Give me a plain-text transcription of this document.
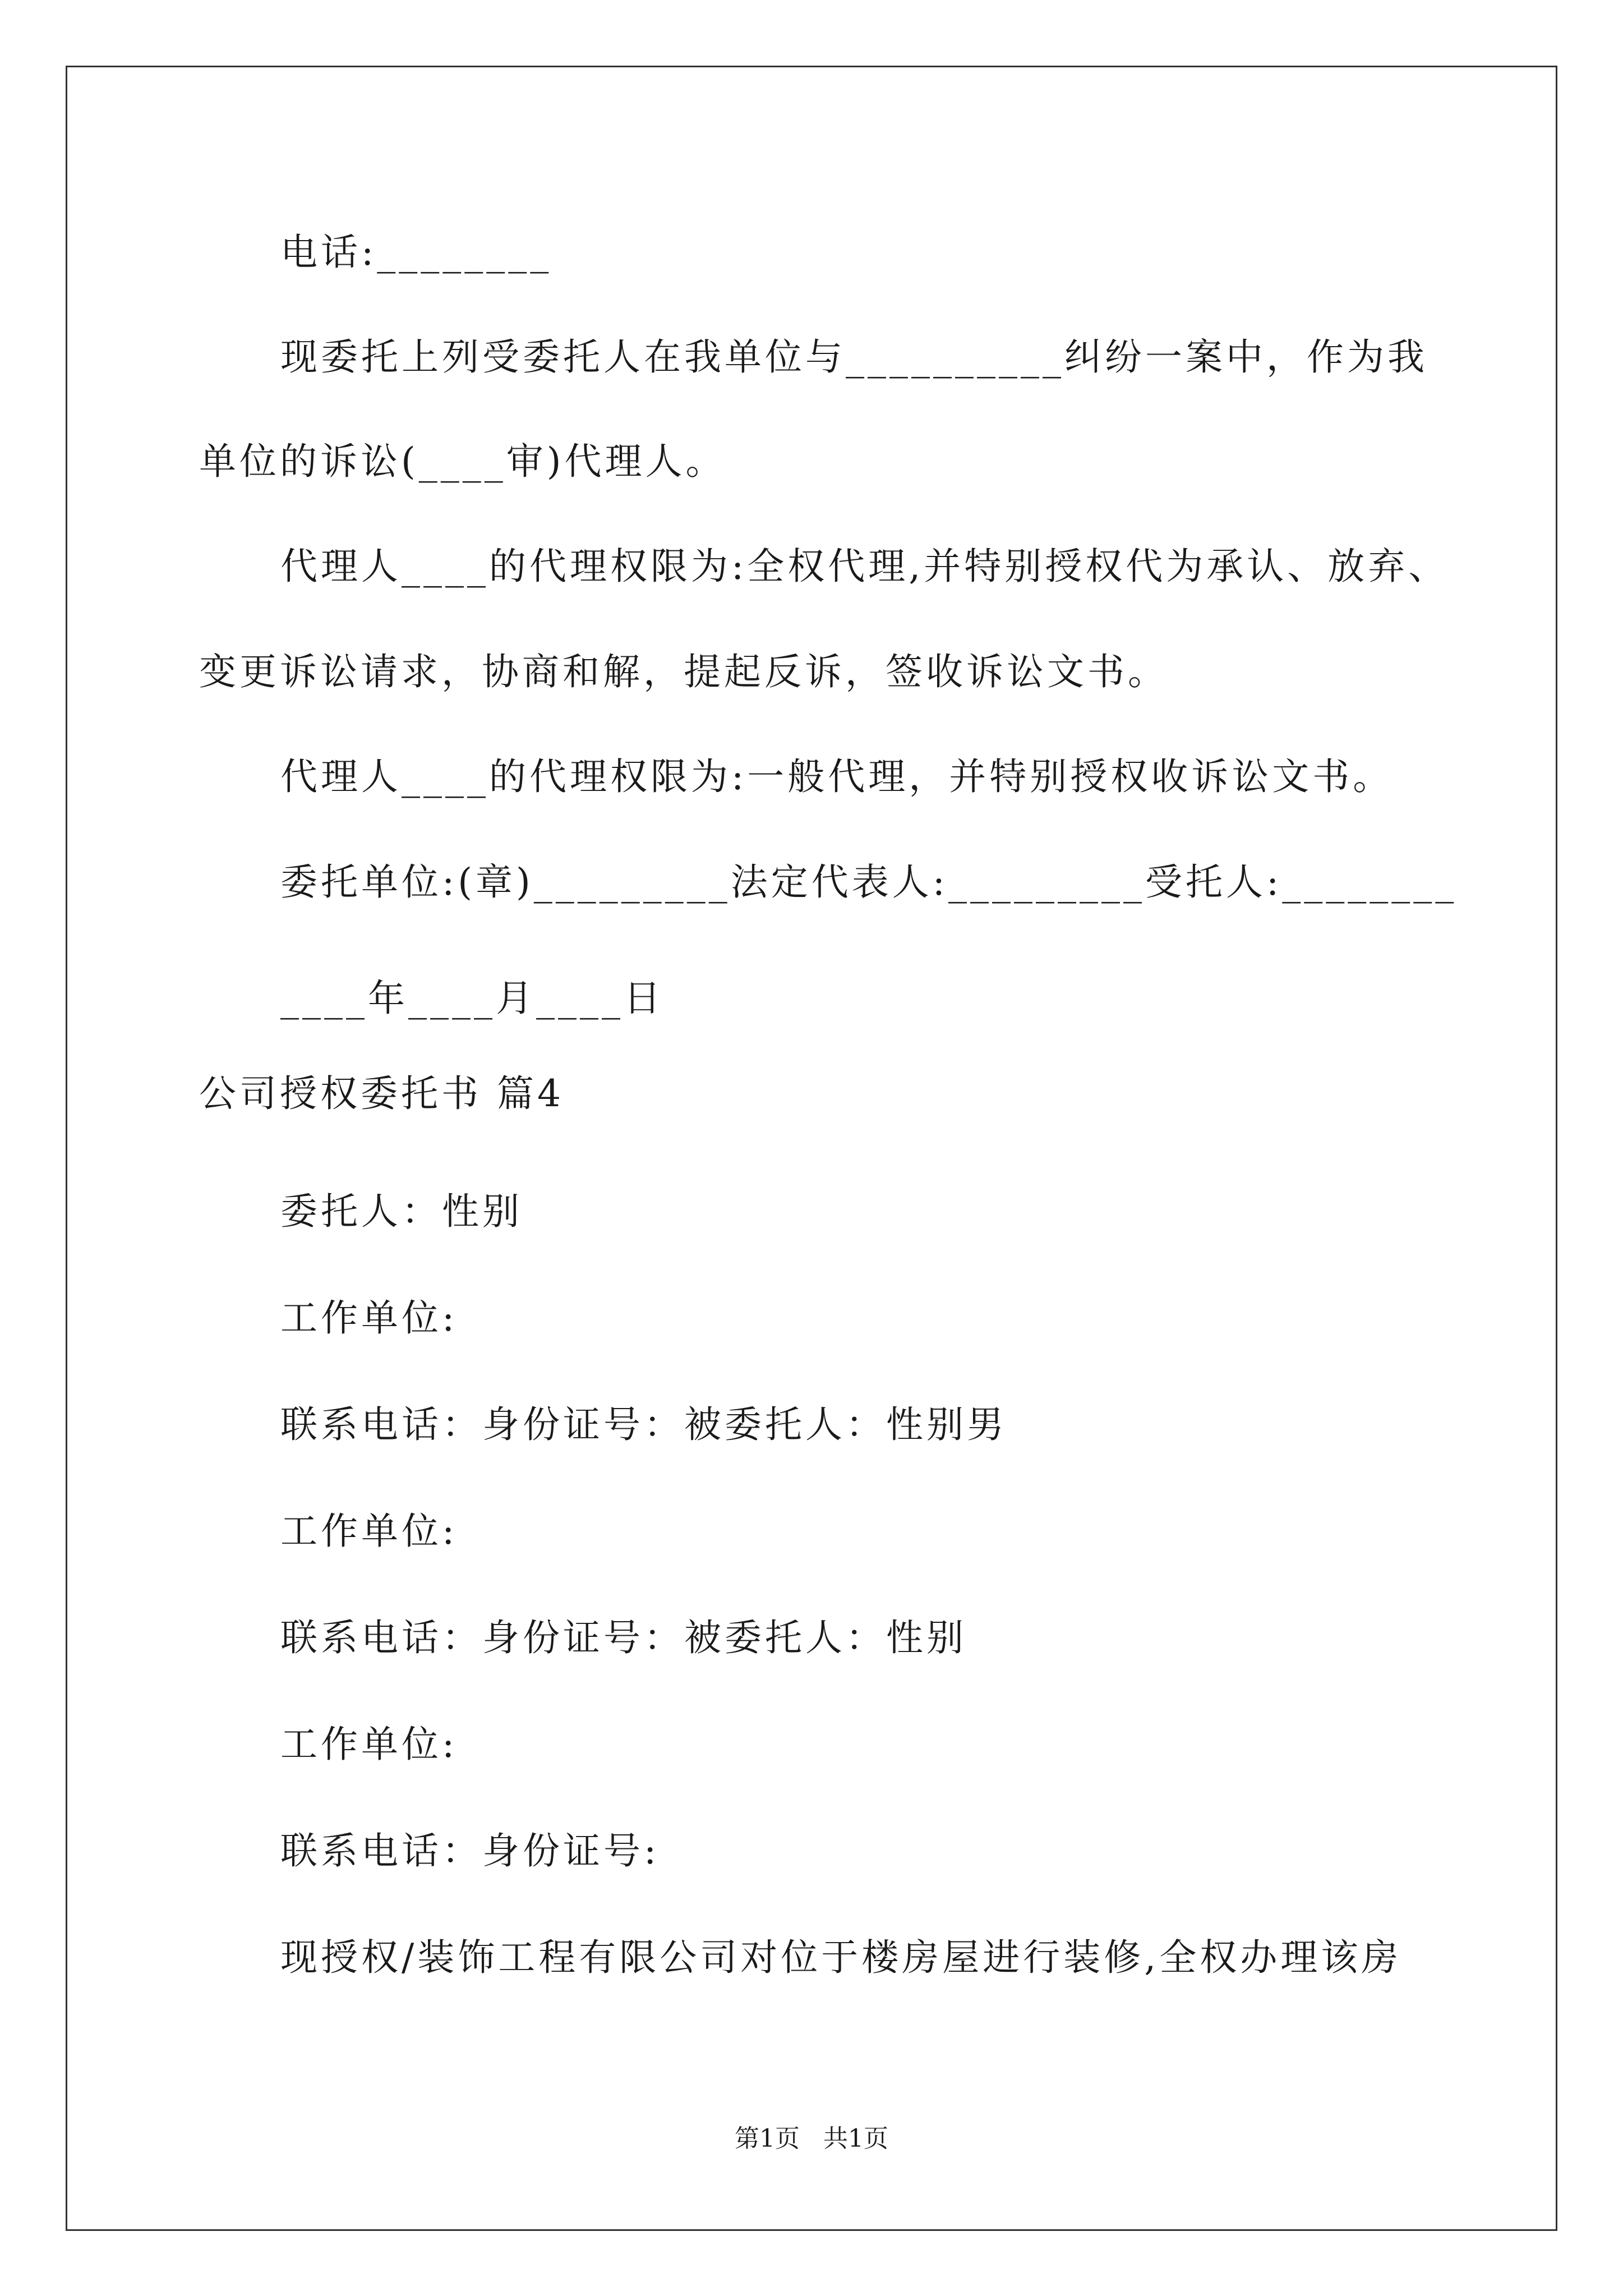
电话:________
现委托上列受委托人在我单位与__________纠纷一案中，作为我
单位的诉讼(____审)代理人。
代理人____的代理权限为:全权代理,并特别授权代为承认、放弃、
变更诉讼请求，协商和解，提起反诉，签收诉讼文书。
代理人____的代理权限为:一般代理，并特别授权收诉讼文书。
委托单位:(章)_________法定代表人:_________受托人:________
____年____月____日
公司授权委托书 篇4
委托人：性别
工作单位:
联系电话：身份证号：被委托人：性别男
工作单位:
联系电话：身份证号：被委托人：性别
工作单位:
联系电话：身份证号:
现授权/装饰工程有限公司对位于楼房屋进行装修,全权办理该房
第1页   共1页
